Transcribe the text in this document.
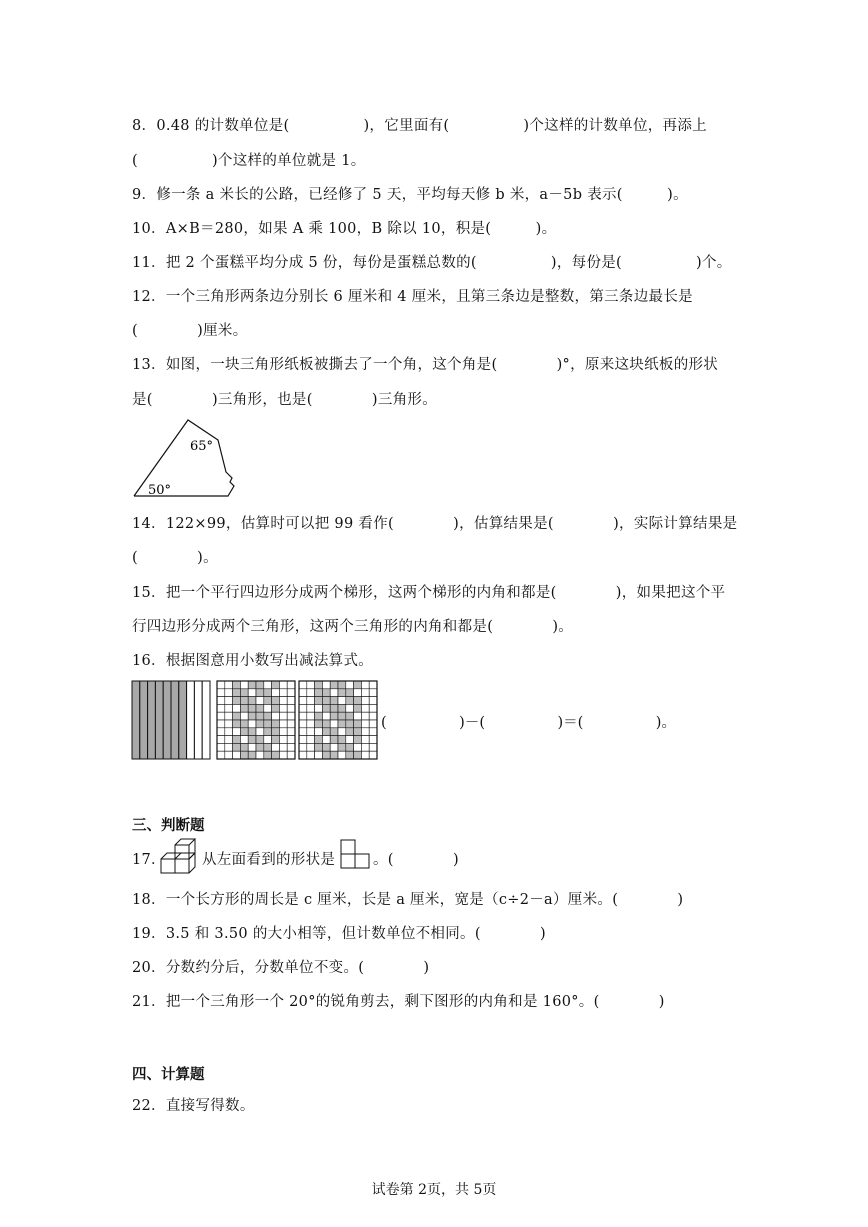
8．0.48 的计数单位是(　　　　　)，它里面有(　　　　　)个这样的计数单位，再添上
(　　　　　)个这样的单位就是 1。
9．修一条 a 米长的公路，已经修了 5 天，平均每天修 b 米，a－5b 表示(　　　)。
10．A×B＝280，如果 A 乘 100，B 除以 10，积是(　　　)。
11．把 2 个蛋糕平均分成 5 份，每份是蛋糕总数的(　　　　　)，每份是(　　　　　)个。
12．一个三角形两条边分别长 6 厘米和 4 厘米，且第三条边是整数，第三条边最长是
(　　　　)厘米。
13．如图，一块三角形纸板被撕去了一个角，这个角是(　　　　)°，原来这块纸板的形状
是(　　　　)三角形，也是(　　　　)三角形。
65°
50°
14．122×99，估算时可以把 99 看作(　　　　)，估算结果是(　　　　)，实际计算结果是
(　　　　)。
15．把一个平行四边形分成两个梯形，这两个梯形的内角和都是(　　　　)，如果把这个平
行四边形分成两个三角形，这两个三角形的内角和都是(　　　　)。
16．根据图意用小数写出减法算式。
(　　　　　)－(　　　　　)＝(　　　　　)。
三、判断题
17． 从左面看到的形状是	。(　　　　)
18．一个长方形的周长是 c 厘米，长是 a 厘米，宽是（c÷2－a）厘米。(　　　　)
19．3.5 和 3.50 的大小相等，但计数单位不相同。(　　　　)
20．分数约分后，分数单位不变。(　　　　)
21．把一个三角形一个 20°的锐角剪去，剩下图形的内角和是 160°。(　　　　)
四、计算题
22．直接写得数。
试卷第 2页，共 5页
